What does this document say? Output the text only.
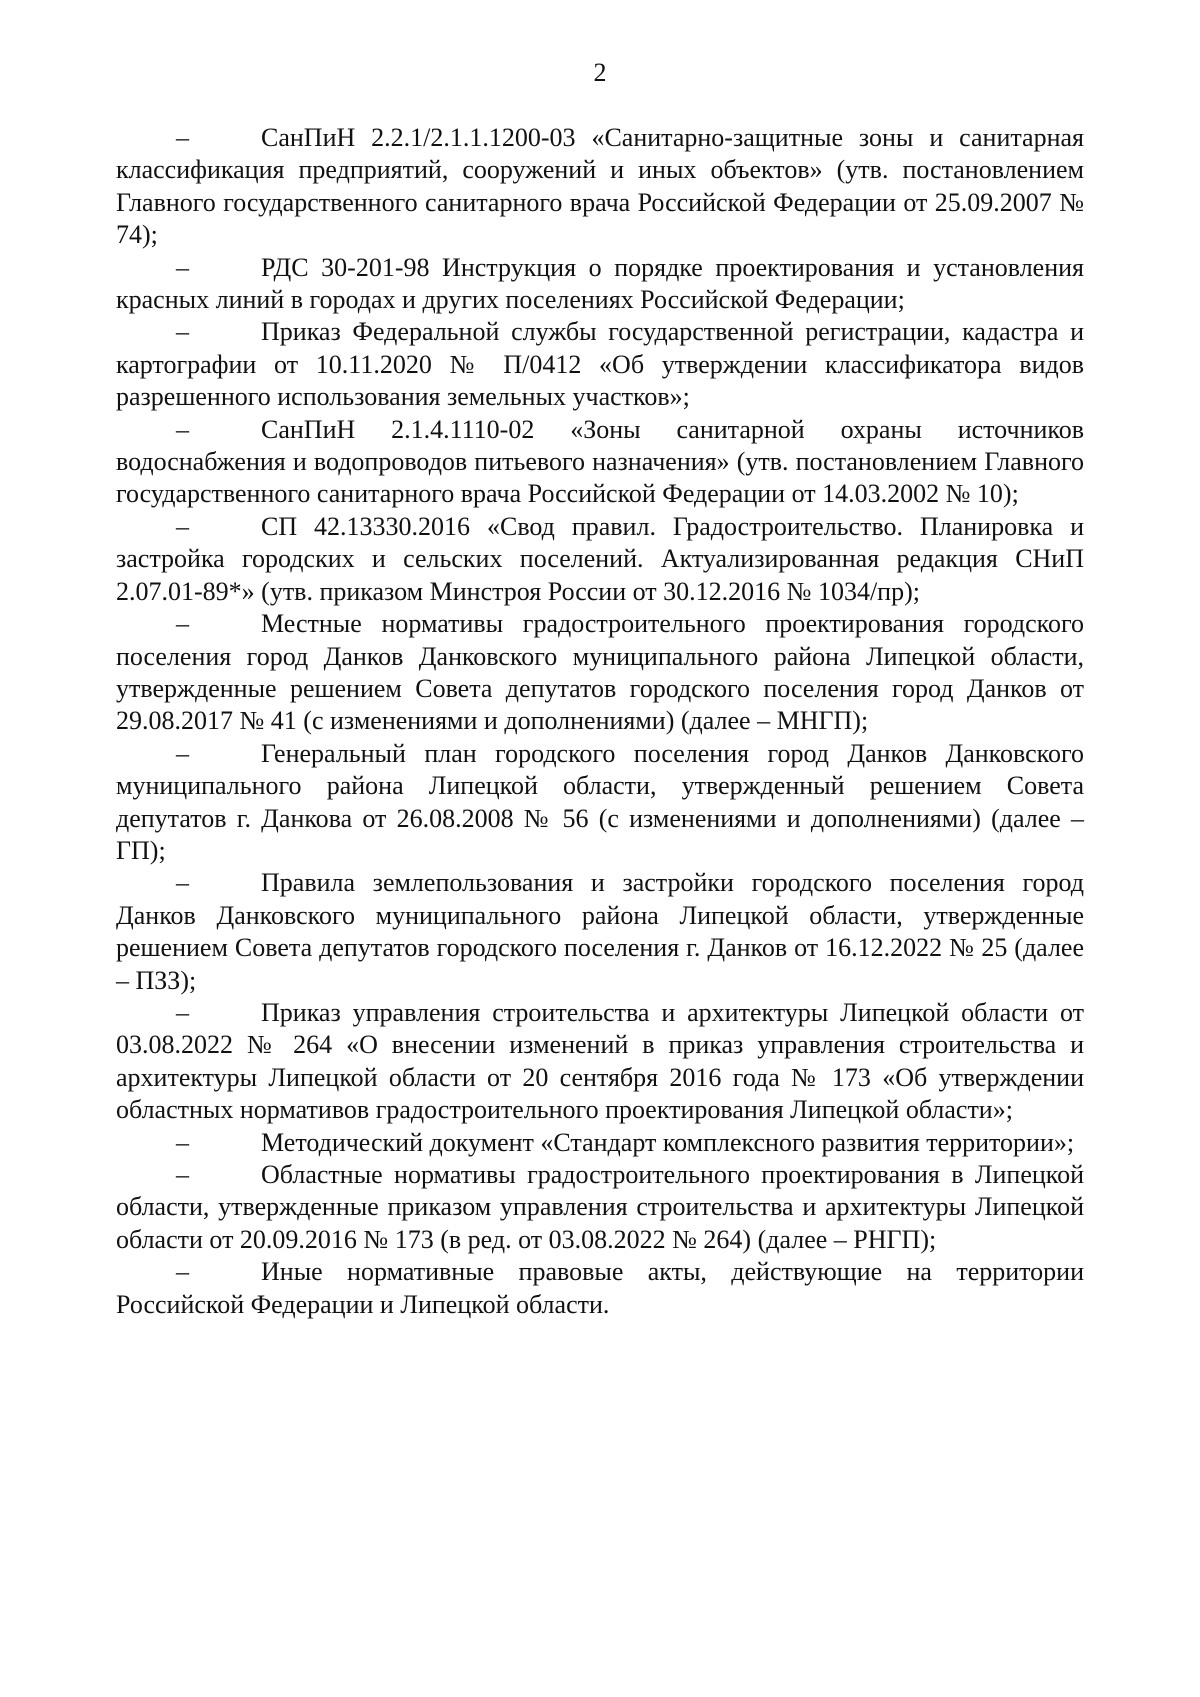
2
–	СанПиН 2.2.1/2.1.1.1200-03 «Санитарно-защитные зоны и санитарная классификация предприятий, сооружений и иных объектов» (утв. постановлением Главного государственного санитарного врача Российской Федерации от 25.09.2007 № 74);
–	РДС 30-201-98 Инструкция о порядке проектирования и установления красных линий в городах и других поселениях Российской Федерации;
–	Приказ Федеральной службы государственной регистрации, кадастра и картографии от 10.11.2020 № П/0412 «Об утверждении классификатора видов разрешенного использования земельных участков»;
–	СанПиН 2.1.4.1110-02 «Зоны санитарной охраны источников водоснабжения и водопроводов питьевого назначения» (утв. постановлением Главного государственного санитарного врача Российской Федерации от 14.03.2002 № 10);
–	СП 42.13330.2016 «Свод правил. Градостроительство. Планировка и застройка городских и сельских поселений. Актуализированная редакция СНиП 2.07.01-89*» (утв. приказом Минстроя России от 30.12.2016 № 1034/пр);
–	Местные нормативы градостроительного проектирования городского поселения город Данков Данковского муниципального района Липецкой области, утвержденные решением Совета депутатов городского поселения город Данков от 29.08.2017 № 41 (с изменениями и дополнениями) (далее – МНГП);
–	Генеральный план городского поселения город Данков Данковского муниципального района Липецкой области, утвержденный решением Совета депутатов г. Данкова от 26.08.2008 № 56 (с изменениями и дополнениями) (далее – ГП);
–	Правила землепользования и застройки городского поселения город Данков Данковского муниципального района Липецкой области, утвержденные решением Совета депутатов городского поселения г. Данков от 16.12.2022 № 25 (далее – ПЗЗ);
–	Приказ управления строительства и архитектуры Липецкой области от 03.08.2022 № 264 «О внесении изменений в приказ управления строительства и архитектуры Липецкой области от 20 сентября 2016 года № 173 «Об утверждении областных нормативов градостроительного проектирования Липецкой области»;
–	Методический документ «Стандарт комплексного развития территории»;
–	Областные нормативы градостроительного проектирования в Липецкой области, утвержденные приказом управления строительства и архитектуры Липецкой области от 20.09.2016 № 173 (в ред. от 03.08.2022 № 264) (далее – РНГП);
–	Иные нормативные правовые акты, действующие на территории Российской Федерации и Липецкой области.
